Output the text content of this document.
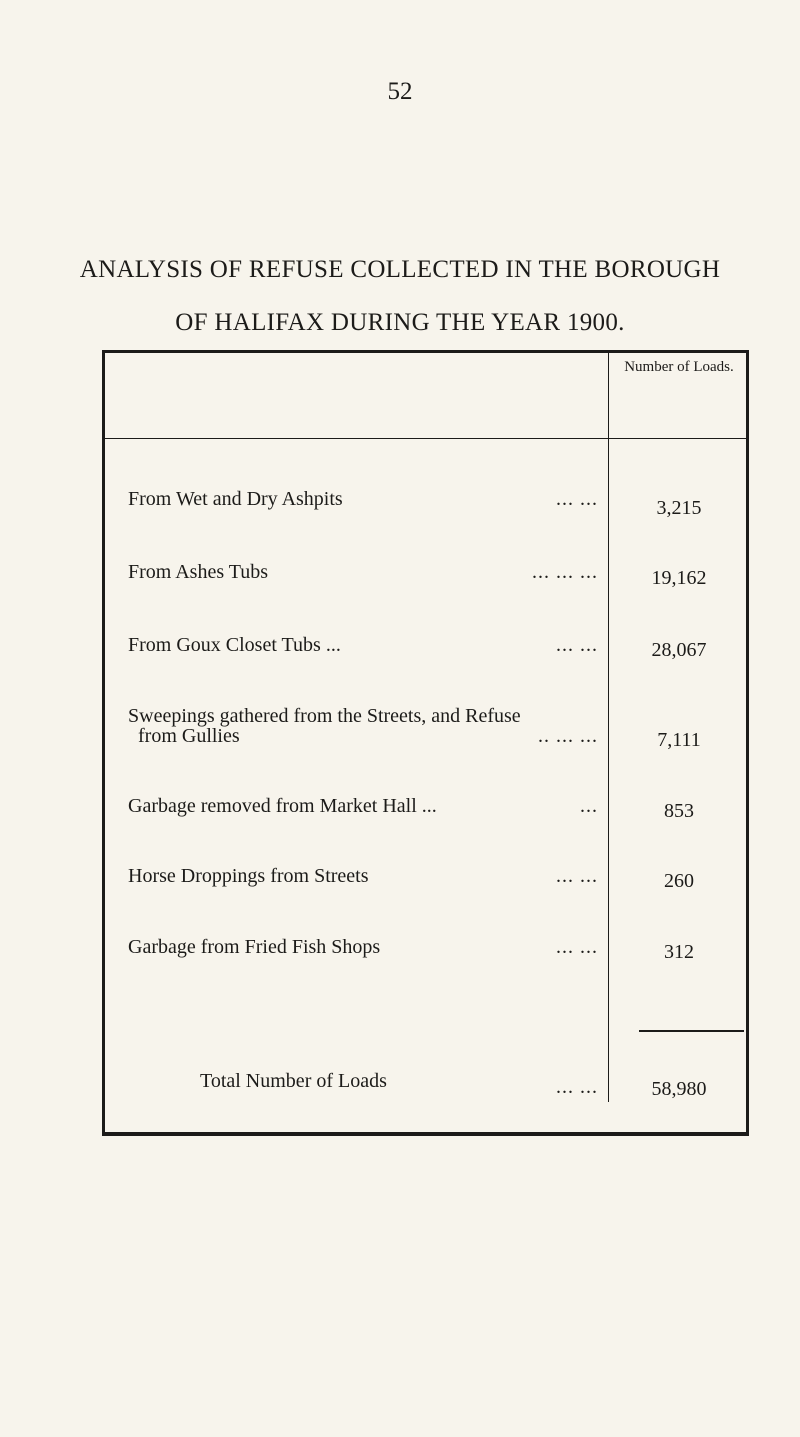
52
ANALYSIS OF REFUSE COLLECTED IN THE BOROUGH
OF HALIFAX DURING THE YEAR 1900.
Number of Loads.
From Wet and Dry Ashpits	... ...	3,215
From Ashes Tubs	... ... ...	19,162
From Goux Closet Tubs ...	... ...	28,067
Sweepings gathered from the Streets, and Refuse
from Gullies	.. ... ...	7,111
Garbage removed from Market Hall ...	...	853
Horse Droppings from Streets	... ...	260
Garbage from Fried Fish Shops	... ...	312
Total Number of Loads	... ...	58,980
